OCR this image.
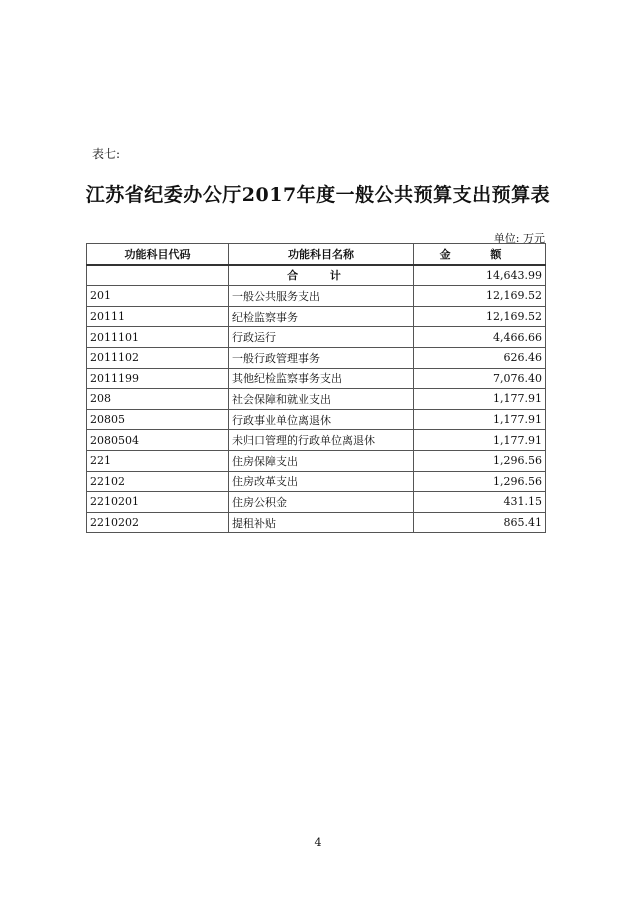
表七:
江苏省纪委办公厅2017年度一般公共预算支出预算表
单位: 万元
功能科目代码	功能科目名称	金 额
	合 计	14,643.99
201	一般公共服务支出	12,169.52
20111	纪检监察事务	12,169.52
2011101	行政运行	4,466.66
2011102	一般行政管理事务	626.46
2011199	其他纪检监察事务支出	7,076.40
208	社会保障和就业支出	1,177.91
20805	行政事业单位离退休	1,177.91
2080504	未归口管理的行政单位离退休	1,177.91
221	住房保障支出	1,296.56
22102	住房改革支出	1,296.56
2210201	住房公积金	431.15
2210202	提租补贴	865.41
4
